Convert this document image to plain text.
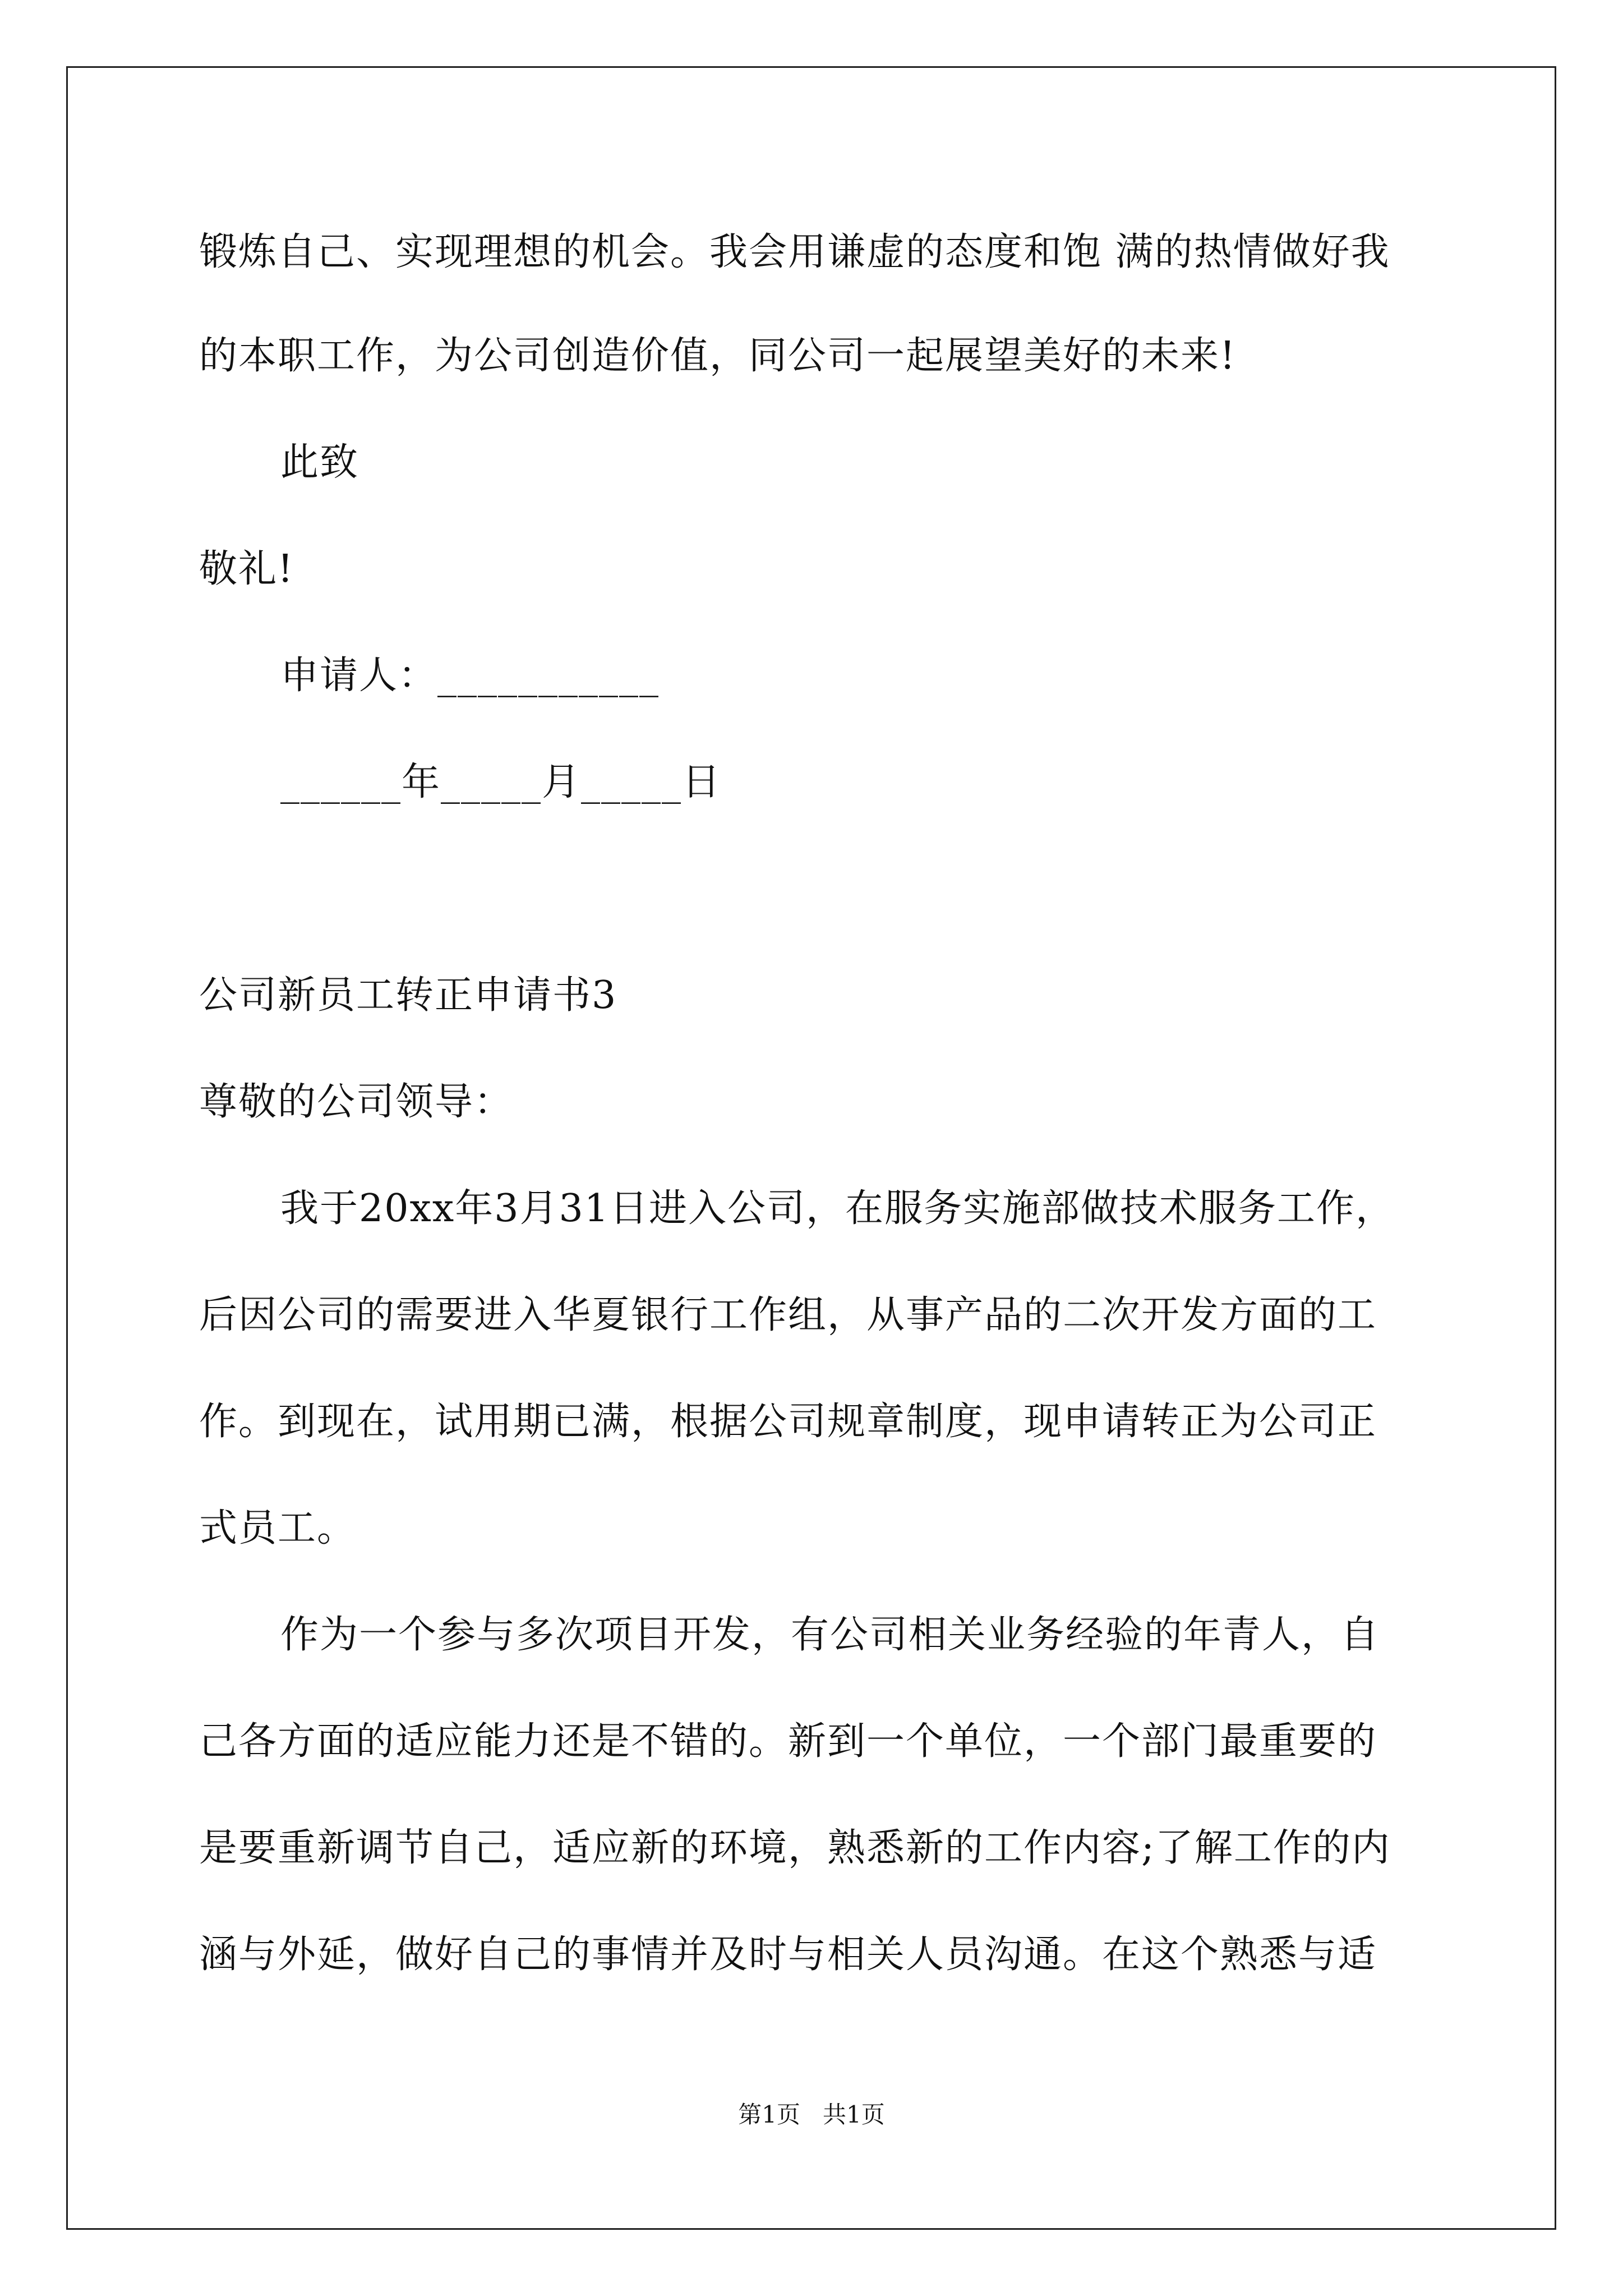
锻炼自己、实现理想的机会。我会用谦虚的态度和饱 满的热情做好我
的本职工作，为公司创造价值，同公司一起展望美好的未来!
此致
敬礼!
申请人：___________
______年_____月_____日
公司新员工转正申请书3
尊敬的公司领导：
我于20xx年3月31日进入公司，在服务实施部做技术服务工作，
后因公司的需要进入华夏银行工作组，从事产品的二次开发方面的工
作。到现在，试用期已满，根据公司规章制度，现申请转正为公司正
式员工。
作为一个参与多次项目开发，有公司相关业务经验的年青人，自
己各方面的适应能力还是不错的。新到一个单位，一个部门最重要的
是要重新调节自己，适应新的环境，熟悉新的工作内容;了解工作的内
涵与外延，做好自己的事情并及时与相关人员沟通。在这个熟悉与适
第1页   共1页
